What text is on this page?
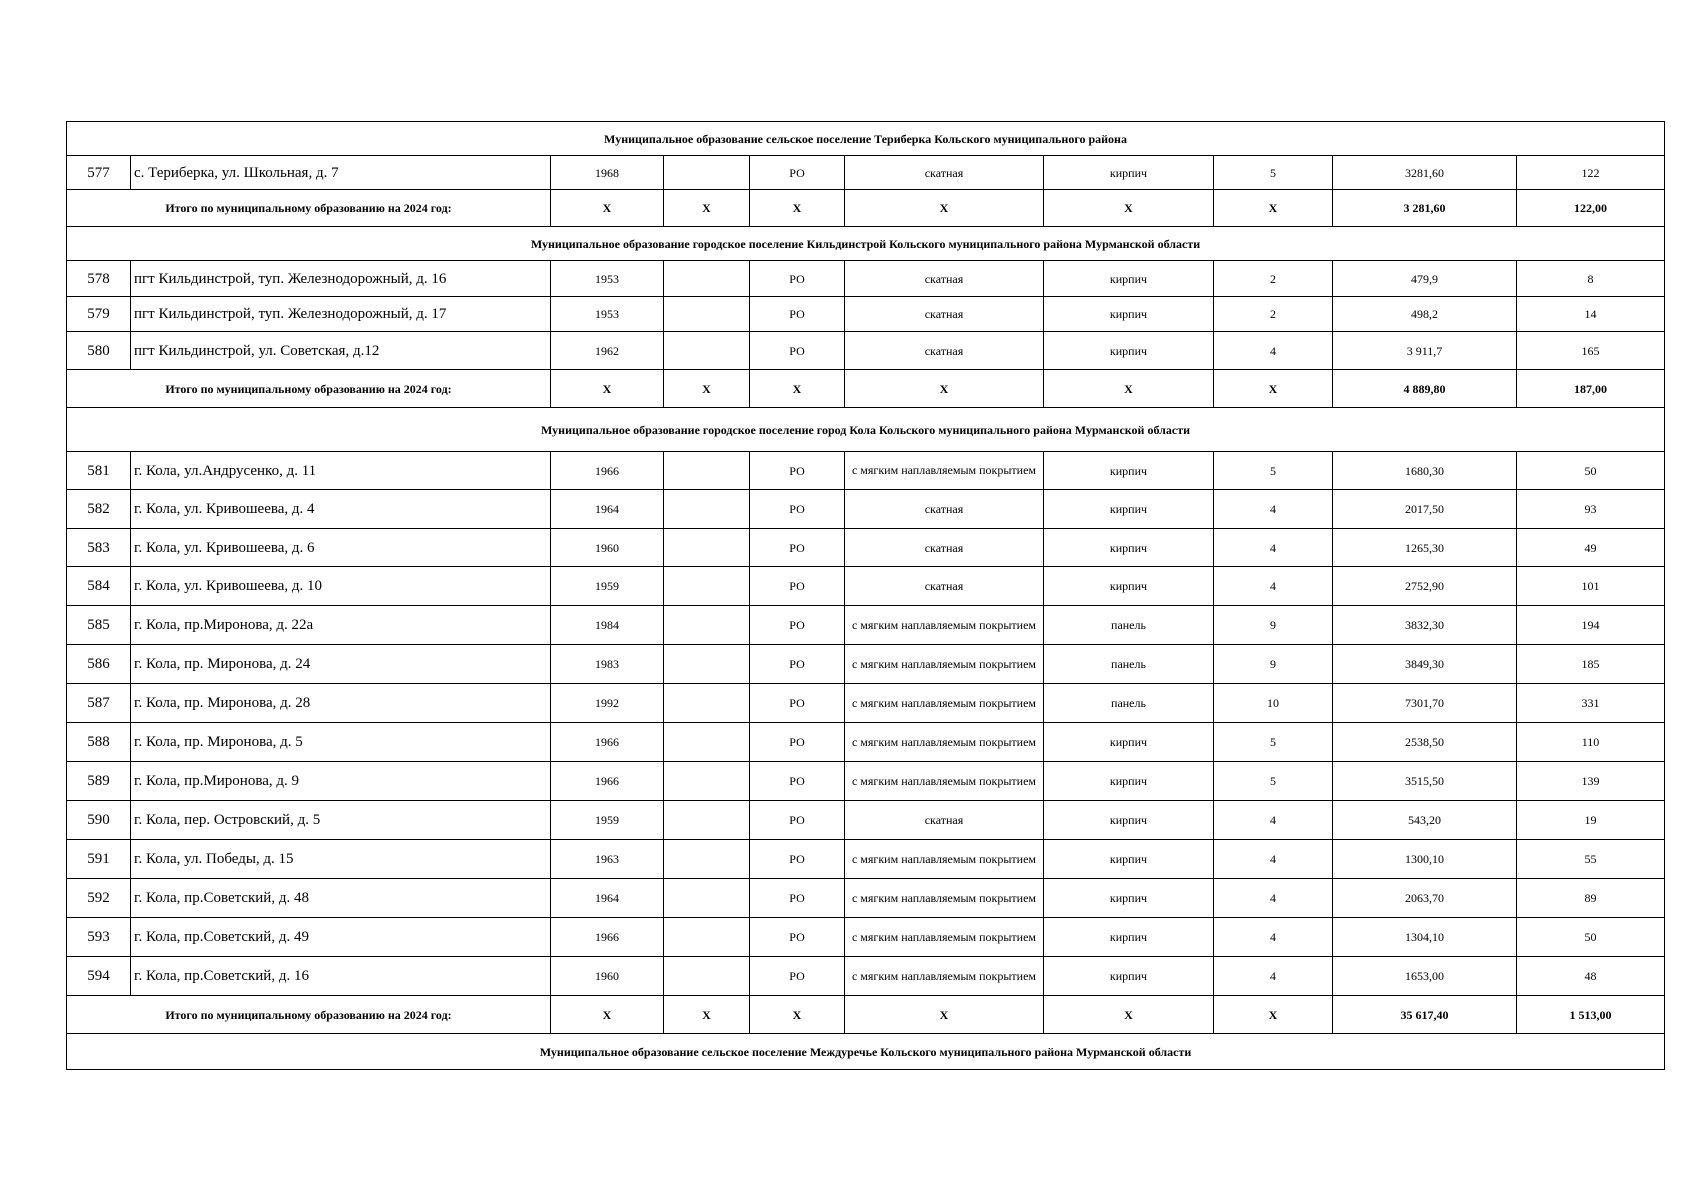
Муниципальное образование сельское поселение Териберка Кольского муниципального района									
577	с. Териберка, ул. Школьная, д. 7	1968		РО	скатная	кирпич	5	3281,60	122
Итого по муниципальному образованию на 2024 год:		X	X	X	X	X	X	3 281,60	122,00
Муниципальное образование городское поселение Кильдинстрой Кольского муниципального района Мурманской области									
578	пгт Кильдинстрой, туп. Железнодорожный, д. 16	1953		РО	скатная	кирпич	2	479,9	8
579	пгт Кильдинстрой, туп. Железнодорожный, д. 17	1953		РО	скатная	кирпич	2	498,2	14
580	пгт Кильдинстрой, ул. Советская, д.12	1962		РО	скатная	кирпич	4	3 911,7	165
Итого по муниципальному образованию на 2024 год:		X	X	X	X	X	X	4 889,80	187,00
Муниципальное образование городское поселение город Кола Кольского муниципального района Мурманской области									
581	г. Кола, ул.Андрусенко, д. 11	1966		РО	с мягким наплавляемым покрытием	кирпич	5	1680,30	50
582	г. Кола, ул. Кривошеева, д. 4	1964		РО	скатная	кирпич	4	2017,50	93
583	г. Кола, ул. Кривошеева, д. 6	1960		РО	скатная	кирпич	4	1265,30	49
584	г. Кола, ул. Кривошеева, д. 10	1959		РО	скатная	кирпич	4	2752,90	101
585	г. Кола, пр.Миронова, д. 22а	1984		РО	с мягким наплавляемым покрытием	панель	9	3832,30	194
586	г. Кола, пр. Миронова, д. 24	1983		РО	с мягким наплавляемым покрытием	панель	9	3849,30	185
587	г. Кола, пр. Миронова, д. 28	1992		РО	с мягким наплавляемым покрытием	панель	10	7301,70	331
588	г. Кола, пр. Миронова, д. 5	1966		РО	с мягким наплавляемым покрытием	кирпич	5	2538,50	110
589	г. Кола, пр.Миронова, д. 9	1966		РО	с мягким наплавляемым покрытием	кирпич	5	3515,50	139
590	г. Кола, пер. Островский, д. 5	1959		РО	скатная	кирпич	4	543,20	19
591	г. Кола, ул. Победы, д. 15	1963		РО	с мягким наплавляемым покрытием	кирпич	4	1300,10	55
592	г. Кола, пр.Советский, д. 48	1964		РО	с мягким наплавляемым покрытием	кирпич	4	2063,70	89
593	г. Кола, пр.Советский, д. 49	1966		РО	с мягким наплавляемым покрытием	кирпич	4	1304,10	50
594	г. Кола, пр.Советский, д. 16	1960		РО	с мягким наплавляемым покрытием	кирпич	4	1653,00	48
Итого по муниципальному образованию на 2024 год:		X	X	X	X	X	X	35 617,40	1 513,00
Муниципальное образование сельское поселение Междуречье Кольского муниципального района Мурманской области									
